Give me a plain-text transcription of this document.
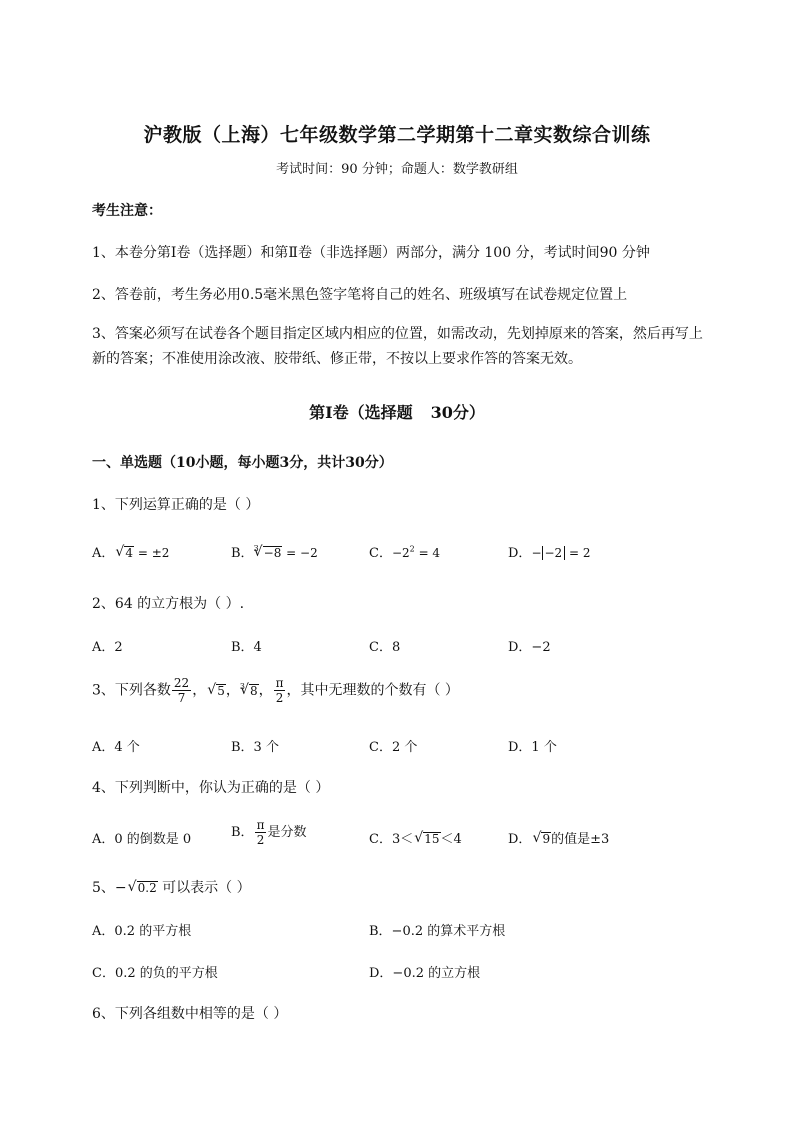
沪教版（上海）七年级数学第二学期第十二章实数综合训练
考试时间：90 分钟；命题人：数学教研组
考生注意：
1、本卷分第Ⅰ卷（选择题）和第Ⅱ卷（非选择题）两部分，满分 100 分，考试时间90 分钟
2、答卷前，考生务必用0.5毫米黑色签字笔将自己的姓名、班级填写在试卷规定位置上
3、答案必须写在试卷各个题目指定区域内相应的位置，如需改动，先划掉原来的答案，然后再写上新的答案；不准使用涂改液、胶带纸、修正带，不按以上要求作答的答案无效。
第Ⅰ卷（选择题 30分）
一、单选题（10小题，每小题3分，共计30分）
1、下列运算正确的是（ ）
A． √ 4 = ±2	B．$^3$ √ −8 = −2	C．$-2^2 = 4$	D．− −2 = 2
2、64 的立方根为（ ）.
A．2	B．4	C．8	D．−2
3、下列各数 $\frac{22}{7}$ ， √ 5，$^3$ √ 8， $\frac{\pi}{2}$ ，其中无理数的个数有（ ）
A．4 个	B．3 个	C．2 个	D．1 个
4、下列判断中，你认为正确的是（ ）
A．0 的倒数是 0	B． $\frac{\pi}{2}$ 是分数	C．3＜ √ 15＜4	D． √ 9的值是±3
5、− √ 0.2 可以表示（ ）
A．0.2 的平方根	B．−0.2 的算术平方根
C．0.2 的负的平方根	D．−0.2 的立方根
6、下列各组数中相等的是（ ）
